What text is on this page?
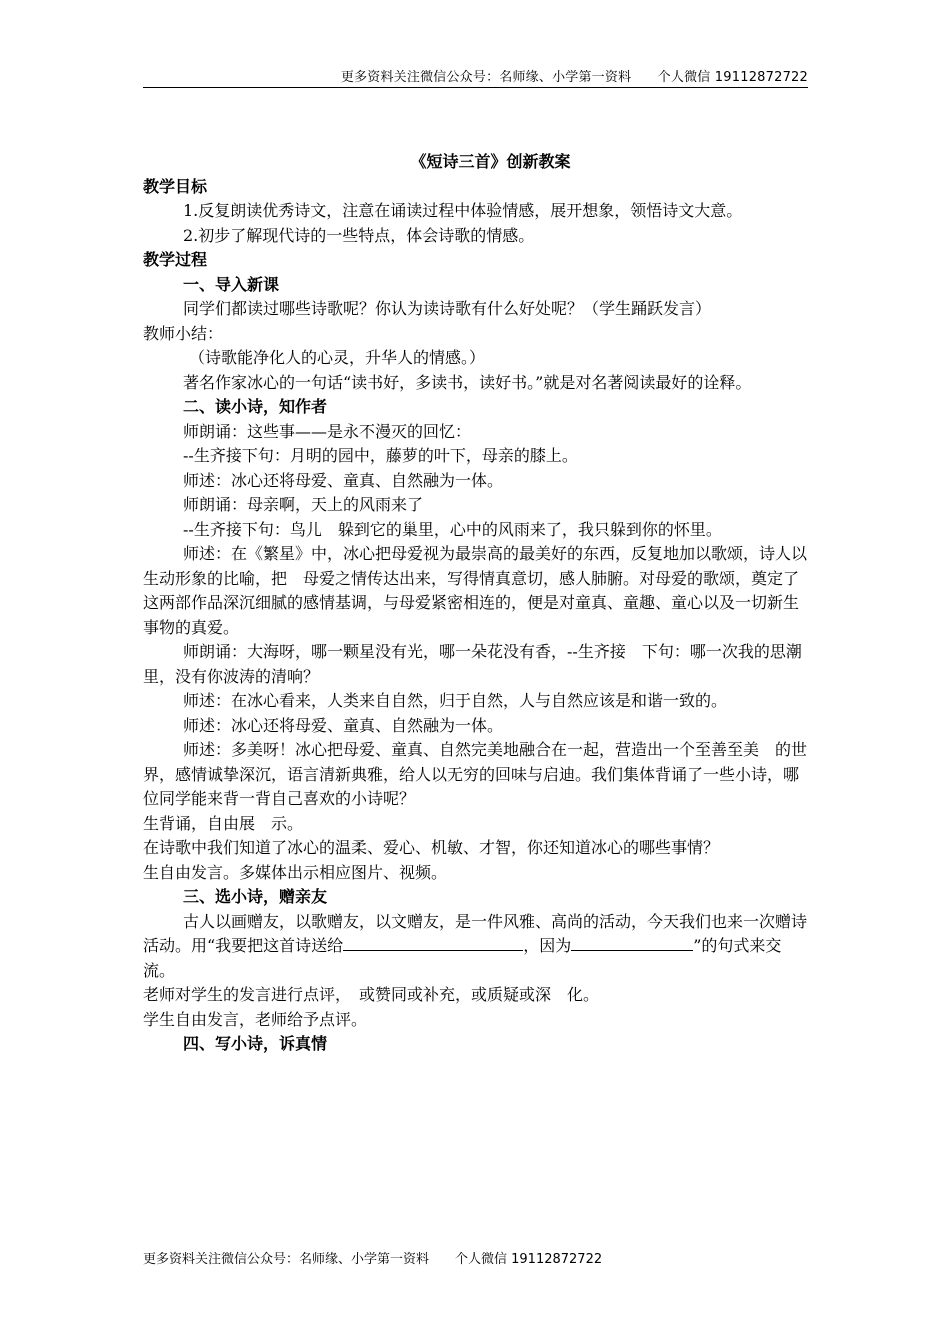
更多资料关注微信公众号：名师缘、小学第一资料　　个人微信 19112872722

《短诗三首》创新教案

教学目标

1.反复朗读优秀诗文，注意在诵读过程中体验情感，展开想象，领悟诗文大意。

2.初步了解现代诗的一些特点，体会诗歌的情感。

教学过程

一、导入新课

同学们都读过哪些诗歌呢？你认为读诗歌有什么好处呢？（学生踊跃发言）

教师小结：

（诗歌能净化人的心灵，升华人的情感。）

著名作家冰心的一句话“读书好，多读书，读好书。”就是对名著阅读最好的诠释。

二、读小诗，知作者

师朗诵：这些事——是永不漫灭的回忆：

--生齐接下句：月明的园中，藤萝的叶下，母亲的膝上。

师述：冰心还将母爱、童真、自然融为一体。

师朗诵：母亲啊，天上的风雨来了

--生齐接下句：鸟儿　躲到它的巢里，心中的风雨来了，我只躲到你的怀里。

师述：在《繁星》中，冰心把母爱视为最崇高的最美好的东西，反复地加以歌颂，诗人以生动形象的比喻，把　母爱之情传达出来，写得情真意切，感人肺腑。对母爱的歌颂，奠定了这两部作品深沉细腻的感情基调，与母爱紧密相连的，便是对童真、童趣、童心以及一切新生事物的真爱。

师朗诵：大海呀，哪一颗星没有光，哪一朵花没有香，--生齐接　下句：哪一次我的思潮里，没有你波涛的清响？

师述：在冰心看来，人类来自自然，归于自然，人与自然应该是和谐一致的。

师述：冰心还将母爱、童真、自然融为一体。

师述：多美呀！冰心把母爱、童真、自然完美地融合在一起，营造出一个至善至美　的世界，感情诚挚深沉，语言清新典雅，给人以无穷的回味与启迪。我们集体背诵了一些小诗，哪位同学能来背一背自己喜欢的小诗呢？

生背诵，自由展　示。

在诗歌中我们知道了冰心的温柔、爱心、机敏、才智，你还知道冰心的哪些事情？

生自由发言。多媒体出示相应图片、视频。

三、选小诗，赠亲友

古人以画赠友，以歌赠友，以文赠友，是一件风雅、高尚的活动，今天我们也来一次赠诗活动。用“我要把这首诗送给	，因为	”的句式来交流。

老师对学生的发言进行点评，　或赞同或补充，或质疑或深　化。

学生自由发言，老师给予点评。

四、写小诗，诉真情

更多资料关注微信公众号：名师缘、小学第一资料　　个人微信 19112872722
